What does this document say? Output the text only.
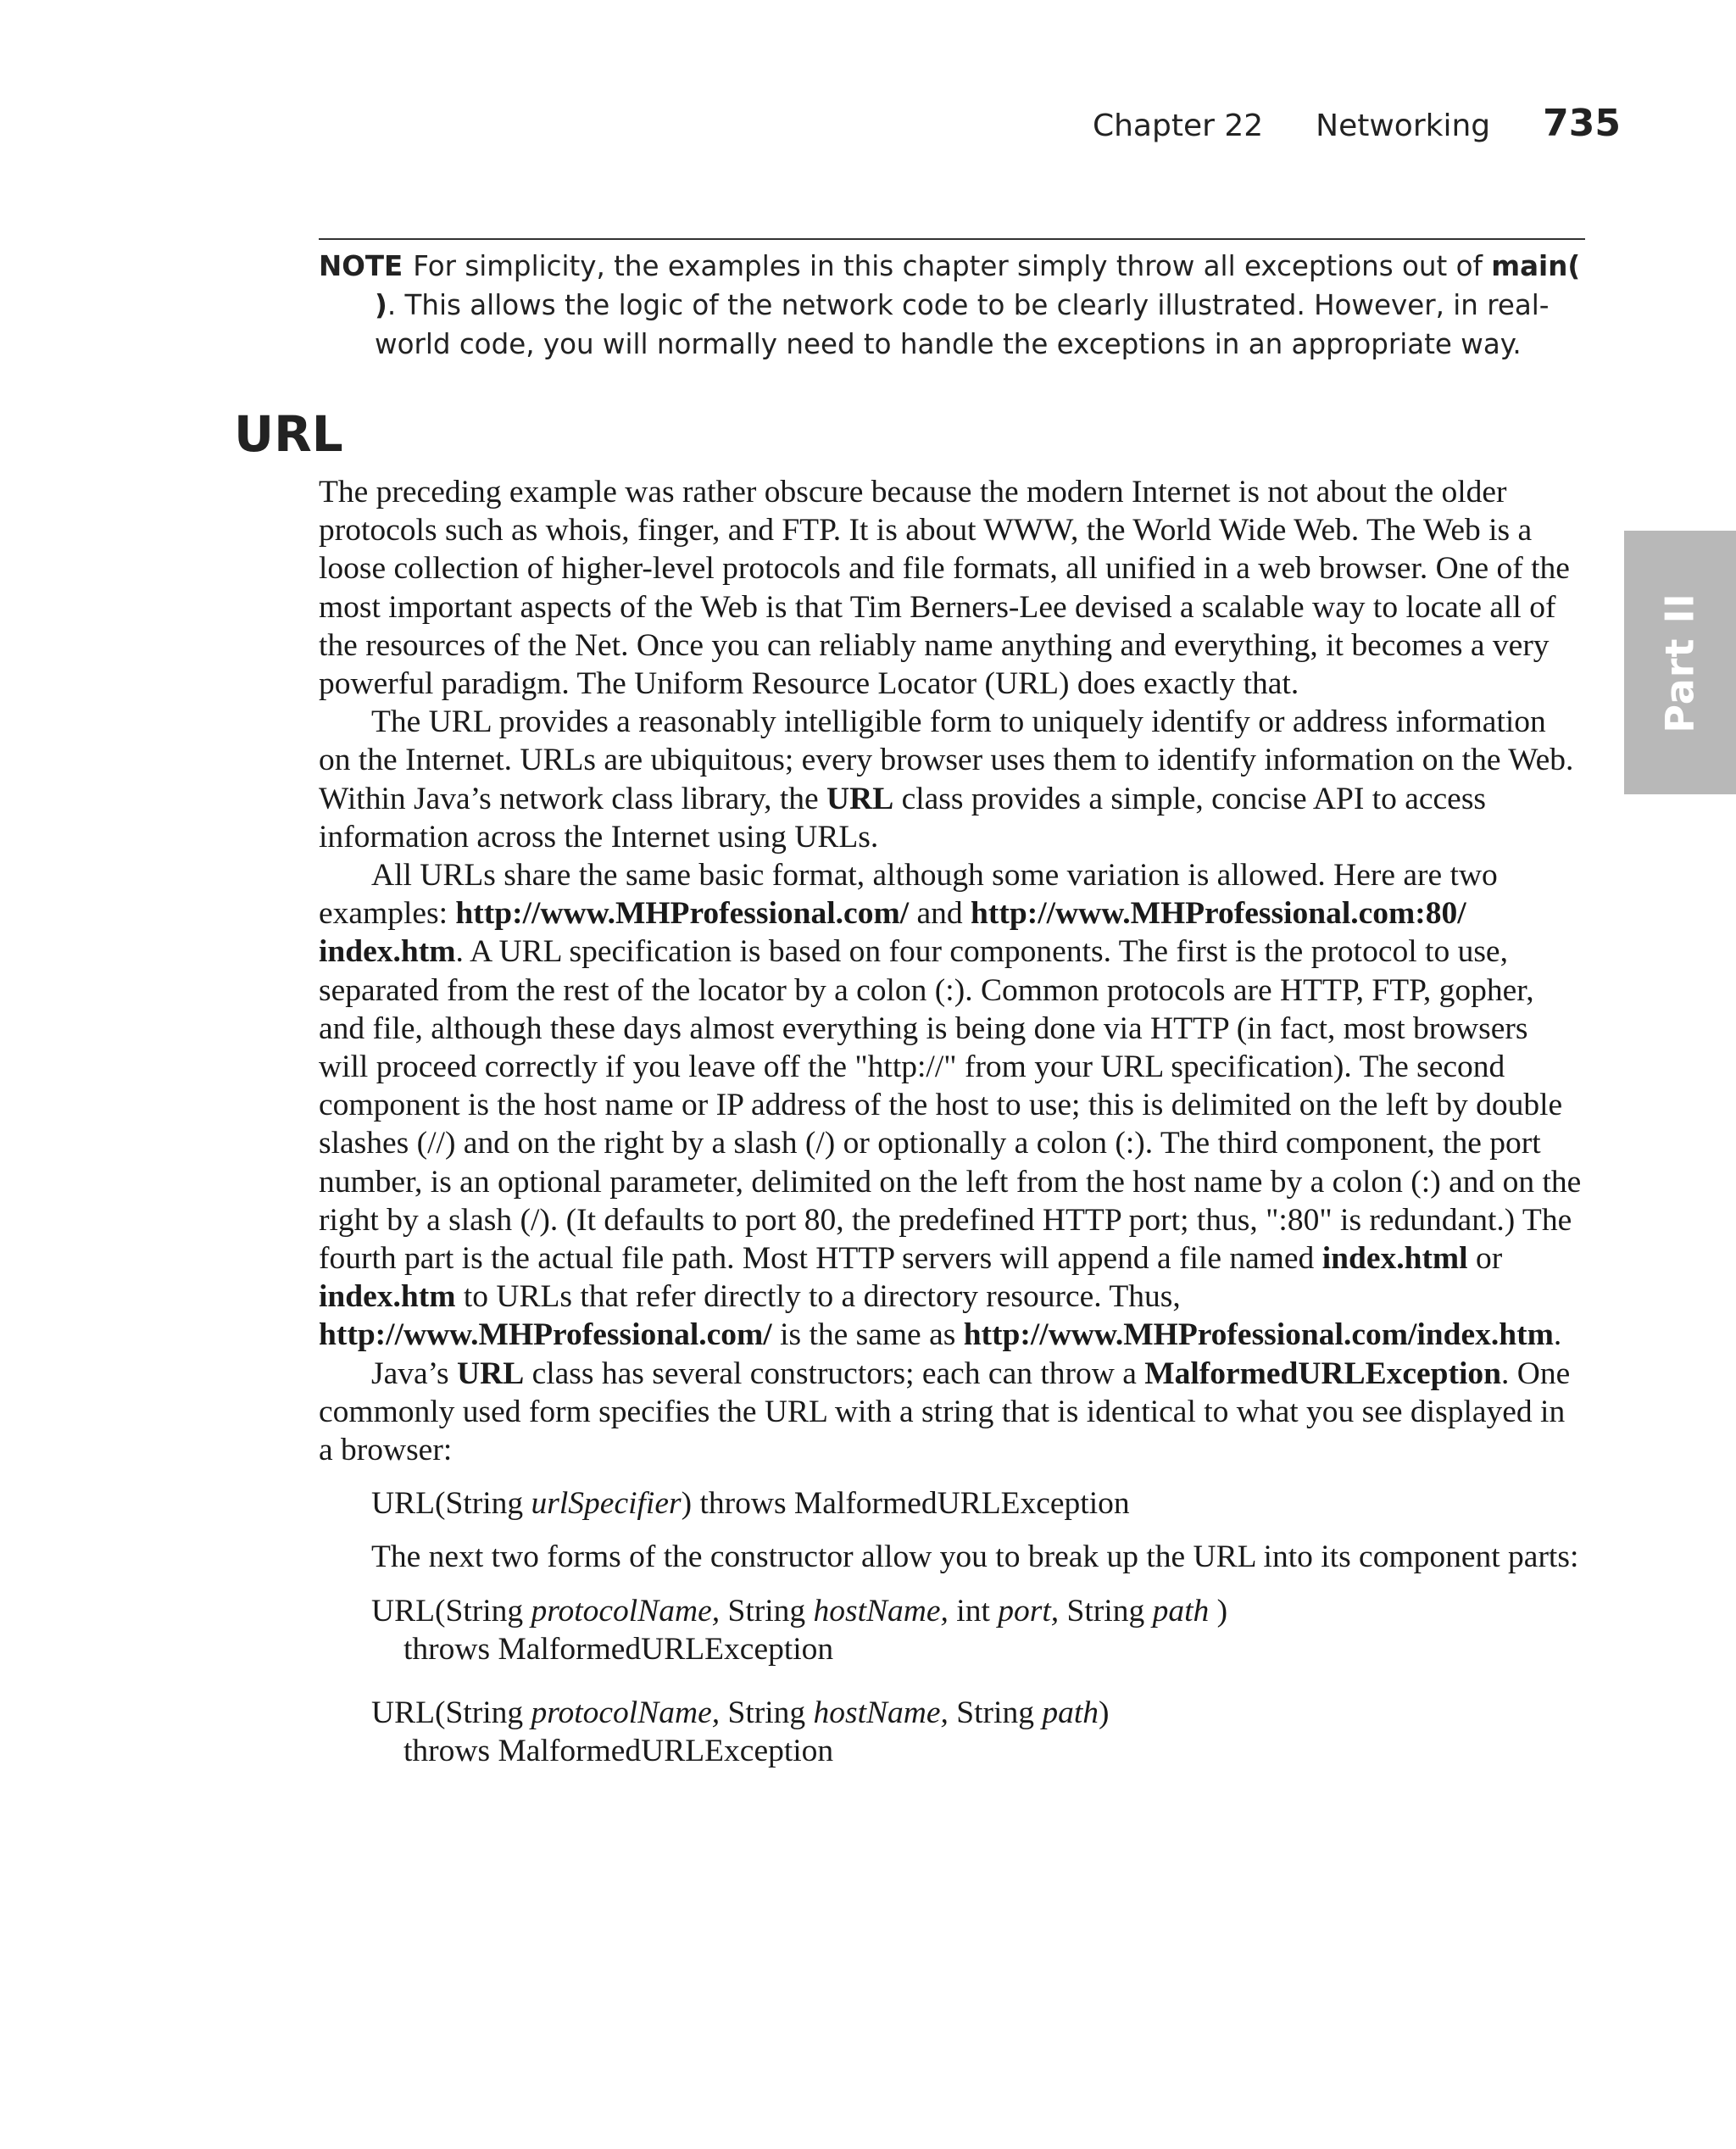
Chapter 22 Networking 735

NOTE For simplicity, the examples in this chapter simply throw all exceptions out of main( ). This allows the logic of the network code to be clearly illustrated. However, in real-world code, you will normally need to handle the exceptions in an appropriate way.

URL
Part II

The preceding example was rather obscure because the modern Internet is not about the older protocols such as whois, finger, and FTP. It is about WWW, the World Wide Web. The Web is a loose collection of higher-level protocols and file formats, all unified in a web browser. One of the most important aspects of the Web is that Tim Berners-Lee devised a scalable way to locate all of the resources of the Net. Once you can reliably name anything and everything, it becomes a very powerful paradigm. The Uniform Resource Locator (URL) does exactly that.

The URL provides a reasonably intelligible form to uniquely identify or address information on the Internet. URLs are ubiquitous; every browser uses them to identify information on the Web. Within Java’s network class library, the URL class provides a simple, concise API to access information across the Internet using URLs.

All URLs share the same basic format, although some variation is allowed. Here are two examples: http://www.MHProfessional.com/ and http://www.MHProfessional.com:80/ index.htm. A URL specification is based on four components. The first is the protocol to use, separated from the rest of the locator by a colon (:). Common protocols are HTTP, FTP, gopher, and file, although these days almost everything is being done via HTTP (in fact, most browsers will proceed correctly if you leave off the "http://" from your URL specification). The second component is the host name or IP address of the host to use; this is delimited on the left by double slashes (//) and on the right by a slash (/) or optionally a colon (:). The third component, the port number, is an optional parameter, delimited on the left from the host name by a colon (:) and on the right by a slash (/). (It defaults to port 80, the predefined HTTP port; thus, ":80" is redundant.) The fourth part is the actual file path. Most HTTP servers will append a file named index.html or index.htm to URLs that refer directly to a directory resource. Thus, http://www.MHProfessional.com/ is the same as http://www.MHProfessional.com/index.htm.

Java’s URL class has several constructors; each can throw a MalformedURLException. One commonly used form specifies the URL with a string that is identical to what you see displayed in a browser:

URL(String urlSpecifier) throws MalformedURLException

The next two forms of the constructor allow you to break up the URL into its component parts:

URL(String protocolName, String hostName, int port, String path )
throws MalformedURLException

URL(String protocolName, String hostName, String path)
throws MalformedURLException
